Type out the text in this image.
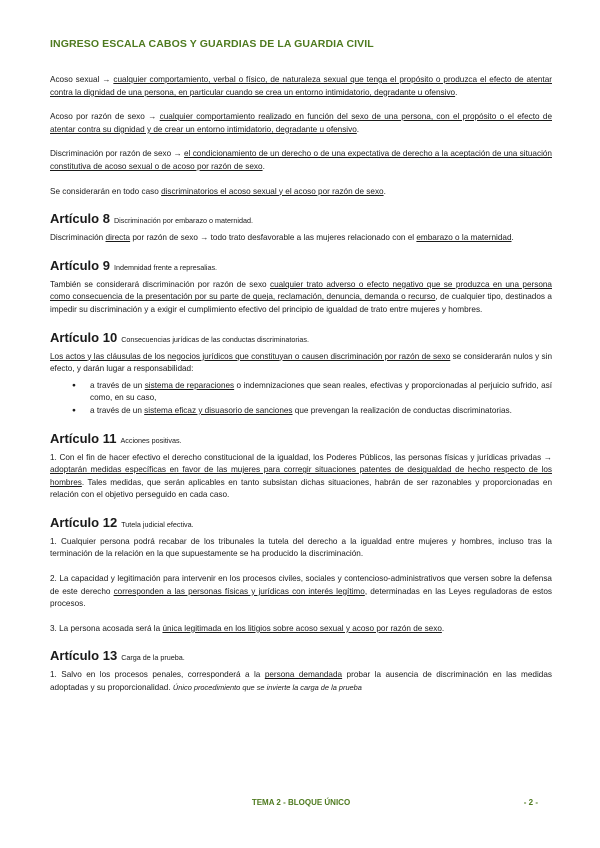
INGRESO ESCALA CABOS Y GUARDIAS DE LA GUARDIA CIVIL

Acoso sexual → cualquier comportamiento, verbal o físico, de naturaleza sexual que tenga el propósito o produzca el efecto de atentar contra la dignidad de una persona, en particular cuando se crea un entorno intimidatorio, degradante u ofensivo.

Acoso por razón de sexo → cualquier comportamiento realizado en función del sexo de una persona, con el propósito o el efecto de atentar contra su dignidad y de crear un entorno intimidatorio, degradante u ofensivo.

Discriminación por razón de sexo → el condicionamiento de un derecho o de una expectativa de derecho a la aceptación de una situación constitutiva de acoso sexual o de acoso por razón de sexo.

Se considerarán en todo caso discriminatorios el acoso sexual y el acoso por razón de sexo.

Artículo 8 Discriminación por embarazo o maternidad.

Discriminación directa por razón de sexo → todo trato desfavorable a las mujeres relacionado con el embarazo o la maternidad.

Artículo 9 Indemnidad frente a represalias.

También se considerará discriminación por razón de sexo cualquier trato adverso o efecto negativo que se produzca en una persona como consecuencia de la presentación por su parte de queja, reclamación, denuncia, demanda o recurso, de cualquier tipo, destinados a impedir su discriminación y a exigir el cumplimiento efectivo del principio de igualdad de trato entre mujeres y hombres.

Artículo 10 Consecuencias jurídicas de las conductas discriminatorias.

Los actos y las cláusulas de los negocios jurídicos que constituyan o causen discriminación por razón de sexo se considerarán nulos y sin efecto, y darán lugar a responsabilidad:

● a través de un sistema de reparaciones o indemnizaciones que sean reales, efectivas y proporcionadas al perjuicio sufrido, así como, en su caso,
● a través de un sistema eficaz y disuasorio de sanciones que prevengan la realización de conductas discriminatorias.
Artículo 11 Acciones positivas.

1. Con el fin de hacer efectivo el derecho constitucional de la igualdad, los Poderes Públicos, las personas físicas y jurídicas privadas → adoptarán medidas específicas en favor de las mujeres para corregir situaciones patentes de desigualdad de hecho respecto de los hombres. Tales medidas, que serán aplicables en tanto subsistan dichas situaciones, habrán de ser razonables y proporcionadas en relación con el objetivo perseguido en cada caso.

Artículo 12 Tutela judicial efectiva.

1. Cualquier persona podrá recabar de los tribunales la tutela del derecho a la igualdad entre mujeres y hombres, incluso tras la terminación de la relación en la que supuestamente se ha producido la discriminación.

2. La capacidad y legitimación para intervenir en los procesos civiles, sociales y contencioso-administrativos que versen sobre la defensa de este derecho corresponden a las personas físicas y jurídicas con interés legítimo, determinadas en las Leyes reguladoras de estos procesos.

3. La persona acosada será la única legitimada en los litigios sobre acoso sexual y acoso por razón de sexo.

Artículo 13 Carga de la prueba.

1. Salvo en los procesos penales, corresponderá a la persona demandada probar la ausencia de discriminación en las medidas adoptadas y su proporcionalidad. Único procedimiento que se invierte la carga de la prueba

TEMA 2 - BLOQUE ÚNICO	- 2 -
